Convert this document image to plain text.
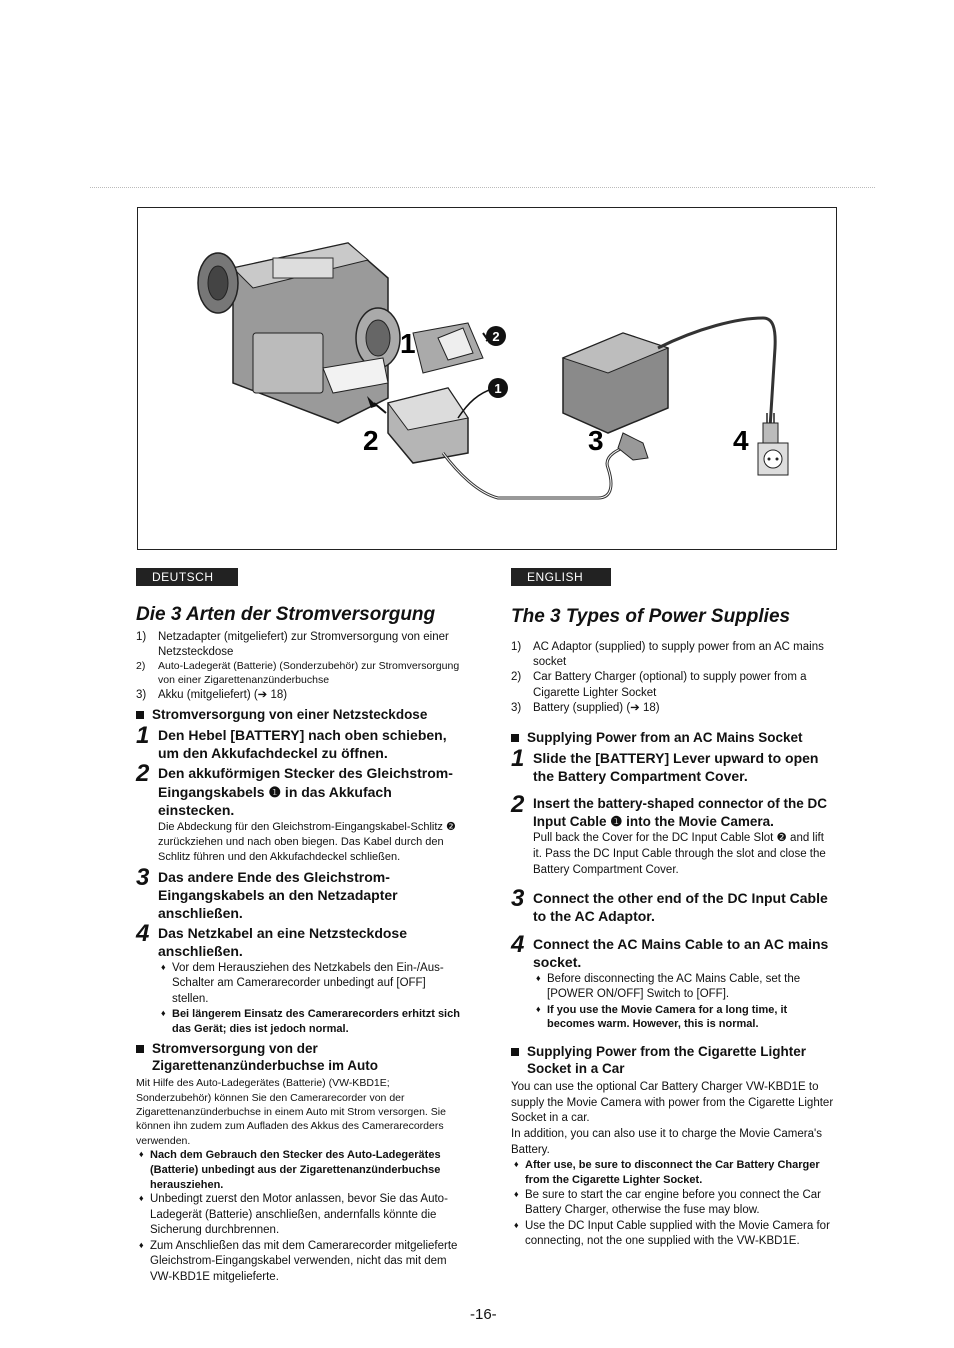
2
1
1
2	3	4
DEUTSCH
Die 3 Arten der Stromversorgung
1) Netzadapter (mitgeliefert) zur Stromversorgung von einer Netzsteckdose
2) Auto-Ladegerät (Batterie) (Sonderzubehör) zur Stromversorgung von einer Zigarettenanzünderbuchse
3) Akku (mitgeliefert) (➔ 18)
Stromversorgung von einer Netzsteckdose
1 Den Hebel [BATTERY] nach oben schieben, um den Akkufachdeckel zu öffnen.
2 Den akkuförmigen Stecker des Gleichstrom-Eingangskabels ❶ in das Akkufach einstecken.
Die Abdeckung für den Gleichstrom-Eingangskabel-Schlitz ❷ zurückziehen und nach oben biegen. Das Kabel durch den Schlitz führen und den Akkufachdeckel schließen.
3 Das andere Ende des Gleichstrom-Eingangskabels an den Netzadapter anschließen.
4 Das Netzkabel an eine Netzsteckdose anschließen.
♦ Vor dem Herausziehen des Netzkabels den Ein-/Aus-Schalter am Camerarecorder unbedingt auf [OFF] stellen.
♦ Bei längerem Einsatz des Camerarecorders erhitzt sich das Gerät; dies ist jedoch normal.
Stromversorgung von der Zigarettenanzünderbuchse im Auto
Mit Hilfe des Auto-Ladegerätes (Batterie) (VW-KBD1E; Sonderzubehör) können Sie den Camerarecorder von der Zigarettenanzünderbuchse in einem Auto mit Strom versorgen. Sie können ihn zudem zum Aufladen des Akkus des Camerarecorders verwenden.
♦ Nach dem Gebrauch den Stecker des Auto-Ladegerätes (Batterie) unbedingt aus der Zigarettenanzünderbuchse herausziehen.
♦ Unbedingt zuerst den Motor anlassen, bevor Sie das Auto-Ladegerät (Batterie) anschließen, andernfalls könnte die Sicherung durchbrennen.
♦ Zum Anschließen das mit dem Camerarecorder mitgelieferte Gleichstrom-Eingangskabel verwenden, nicht das mit dem VW-KBD1E mitgelieferte.
ENGLISH
The 3 Types of Power Supplies
1) AC Adaptor (supplied) to supply power from an AC mains socket
2) Car Battery Charger (optional) to supply power from a Cigarette Lighter Socket
3) Battery (supplied) (➔ 18)
Supplying Power from an AC Mains Socket
1 Slide the [BATTERY] Lever upward to open the Battery Compartment Cover.
2 Insert the battery-shaped connector of the DC Input Cable ❶ into the Movie Camera.
Pull back the Cover for the DC Input Cable Slot ❷ and lift it. Pass the DC Input Cable through the slot and close the Battery Compartment Cover.
3 Connect the other end of the DC Input Cable to the AC Adaptor.
4 Connect the AC Mains Cable to an AC mains socket.
♦ Before disconnecting the AC Mains Cable, set the [POWER ON/OFF] Switch to [OFF].
♦ If you use the Movie Camera for a long time, it becomes warm. However, this is normal.
Supplying Power from the Cigarette Lighter Socket in a Car
You can use the optional Car Battery Charger VW-KBD1E to supply the Movie Camera with power from the Cigarette Lighter Socket in a car.
In addition, you can also use it to charge the Movie Camera's Battery.
♦ After use, be sure to disconnect the Car Battery Charger from the Cigarette Lighter Socket.
♦ Be sure to start the car engine before you connect the Car Battery Charger, otherwise the fuse may blow.
♦ Use the DC Input Cable supplied with the Movie Camera for connecting, not the one supplied with the VW-KBD1E.
-16-
